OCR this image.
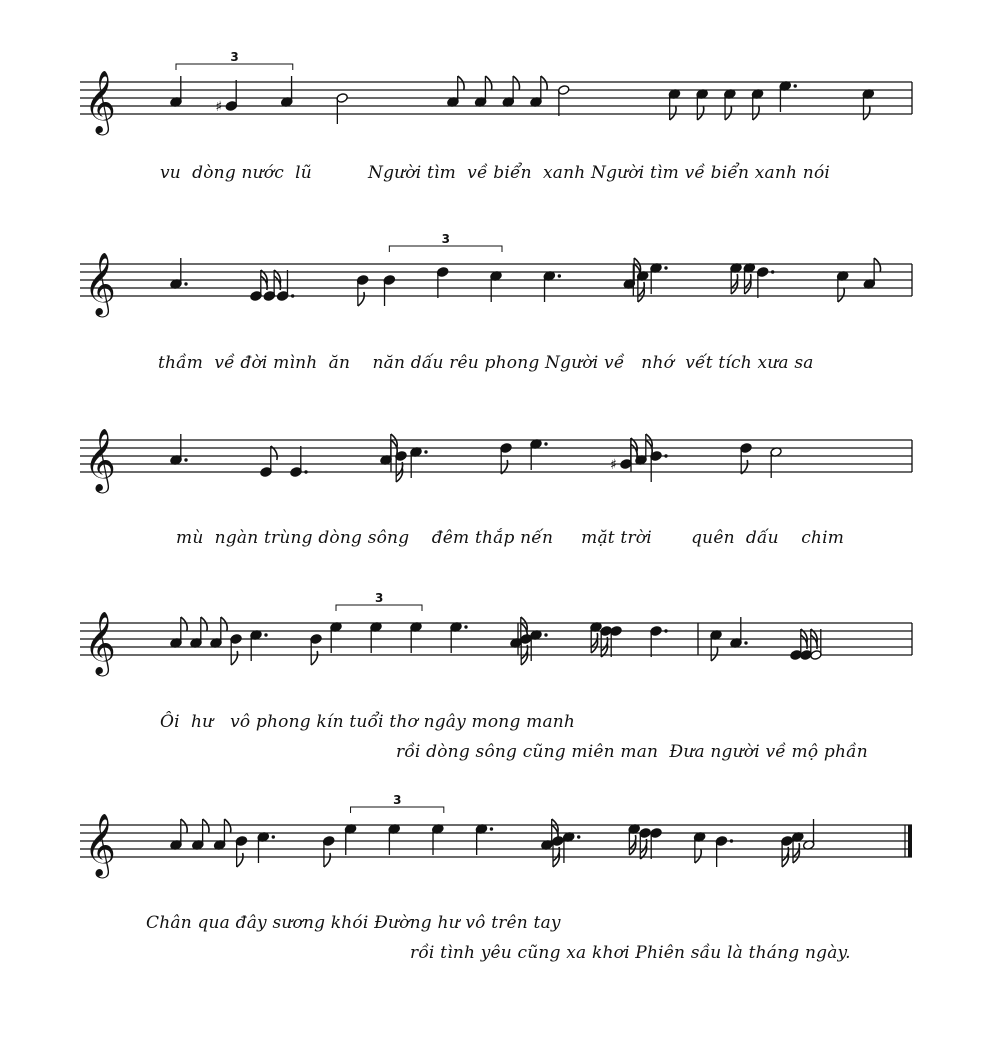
𝄞	♯
3
𝄞
3
𝄞	♯
𝄞
3
𝄞
3
vu  dòng nước  lũ          Người tìm  về biển  xanh Người tìm về biển xanh nói
thầm  về đời mình  ăn    năn dấu rêu phong Người về   nhớ  vết tích xưa sa
mù  ngàn trùng dòng sông    đêm thắp nến     mặt trời       quên  dấu    chim
Ôi  hư   vô phong kín tuổi thơ ngây mong manh
rồi dòng sông cũng miên man  Đưa người về mộ phần
Chân qua đây sương khói Đường hư vô trên tay
rồi tình yêu cũng xa khơi Phiên sầu là tháng ngày.
